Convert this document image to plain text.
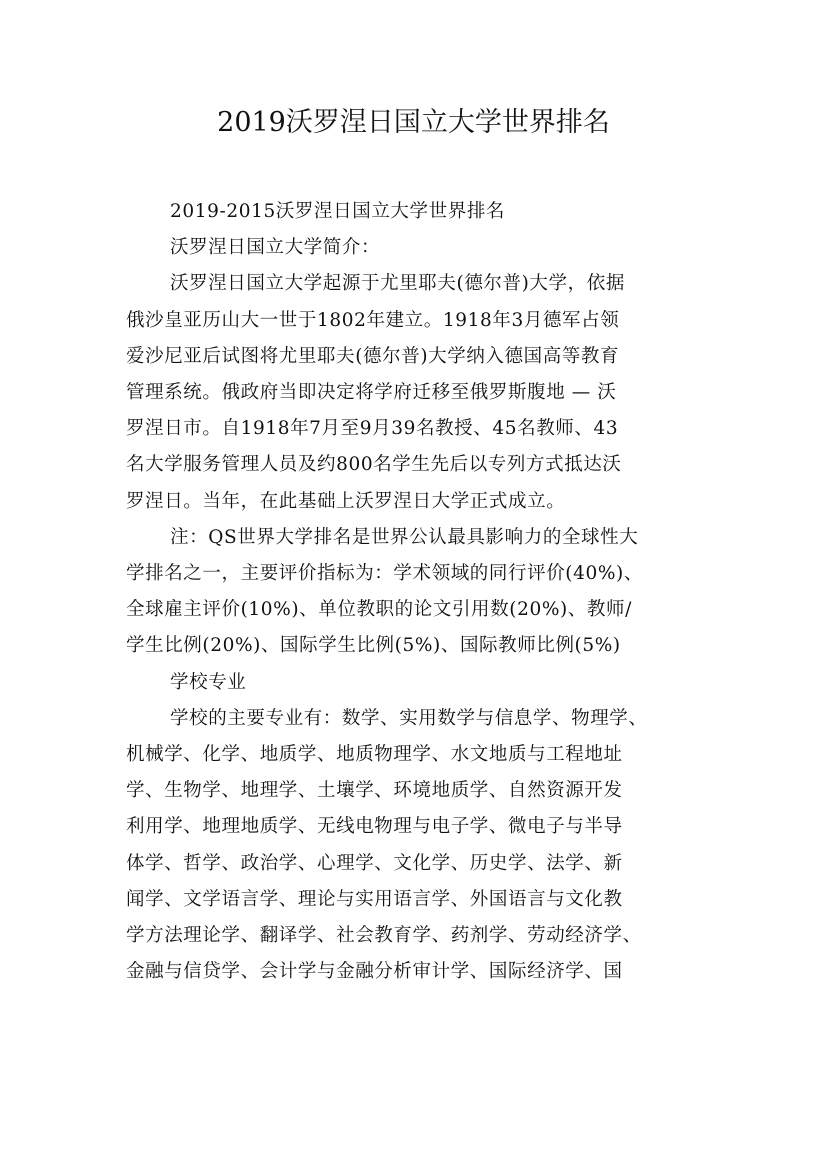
2019沃罗涅日国立大学世界排名
2019-2015沃罗涅日国立大学世界排名
沃罗涅日国立大学简介：
沃罗涅日国立大学起源于尤里耶夫(德尔普)大学，依据
俄沙皇亚历山大一世于1802年建立。1918年3月德军占领
爱沙尼亚后试图将尤里耶夫(德尔普)大学纳入德国高等教育
管理系统。俄政府当即决定将学府迁移至俄罗斯腹地 — 沃
罗涅日市。自1918年7月至9月39名教授、45名教师、43
名大学服务管理人员及约800名学生先后以专列方式抵达沃
罗涅日。当年，在此基础上沃罗涅日大学正式成立。
注：QS世界大学排名是世界公认最具影响力的全球性大
学排名之一，主要评价指标为：学术领域的同行评价(40%)、
全球雇主评价(10%)、单位教职的论文引用数(20%)、教师/
学生比例(20%)、国际学生比例(5%)、国际教师比例(5%)
学校专业
学校的主要专业有：数学、实用数学与信息学、物理学、
机械学、化学、地质学、地质物理学、水文地质与工程地址
学、生物学、地理学、土壤学、环境地质学、自然资源开发
利用学、地理地质学、无线电物理与电子学、微电子与半导
体学、哲学、政治学、心理学、文化学、历史学、法学、新
闻学、文学语言学、理论与实用语言学、外国语言与文化教
学方法理论学、翻译学、社会教育学、药剂学、劳动经济学、
金融与信贷学、会计学与金融分析审计学、国际经济学、国
